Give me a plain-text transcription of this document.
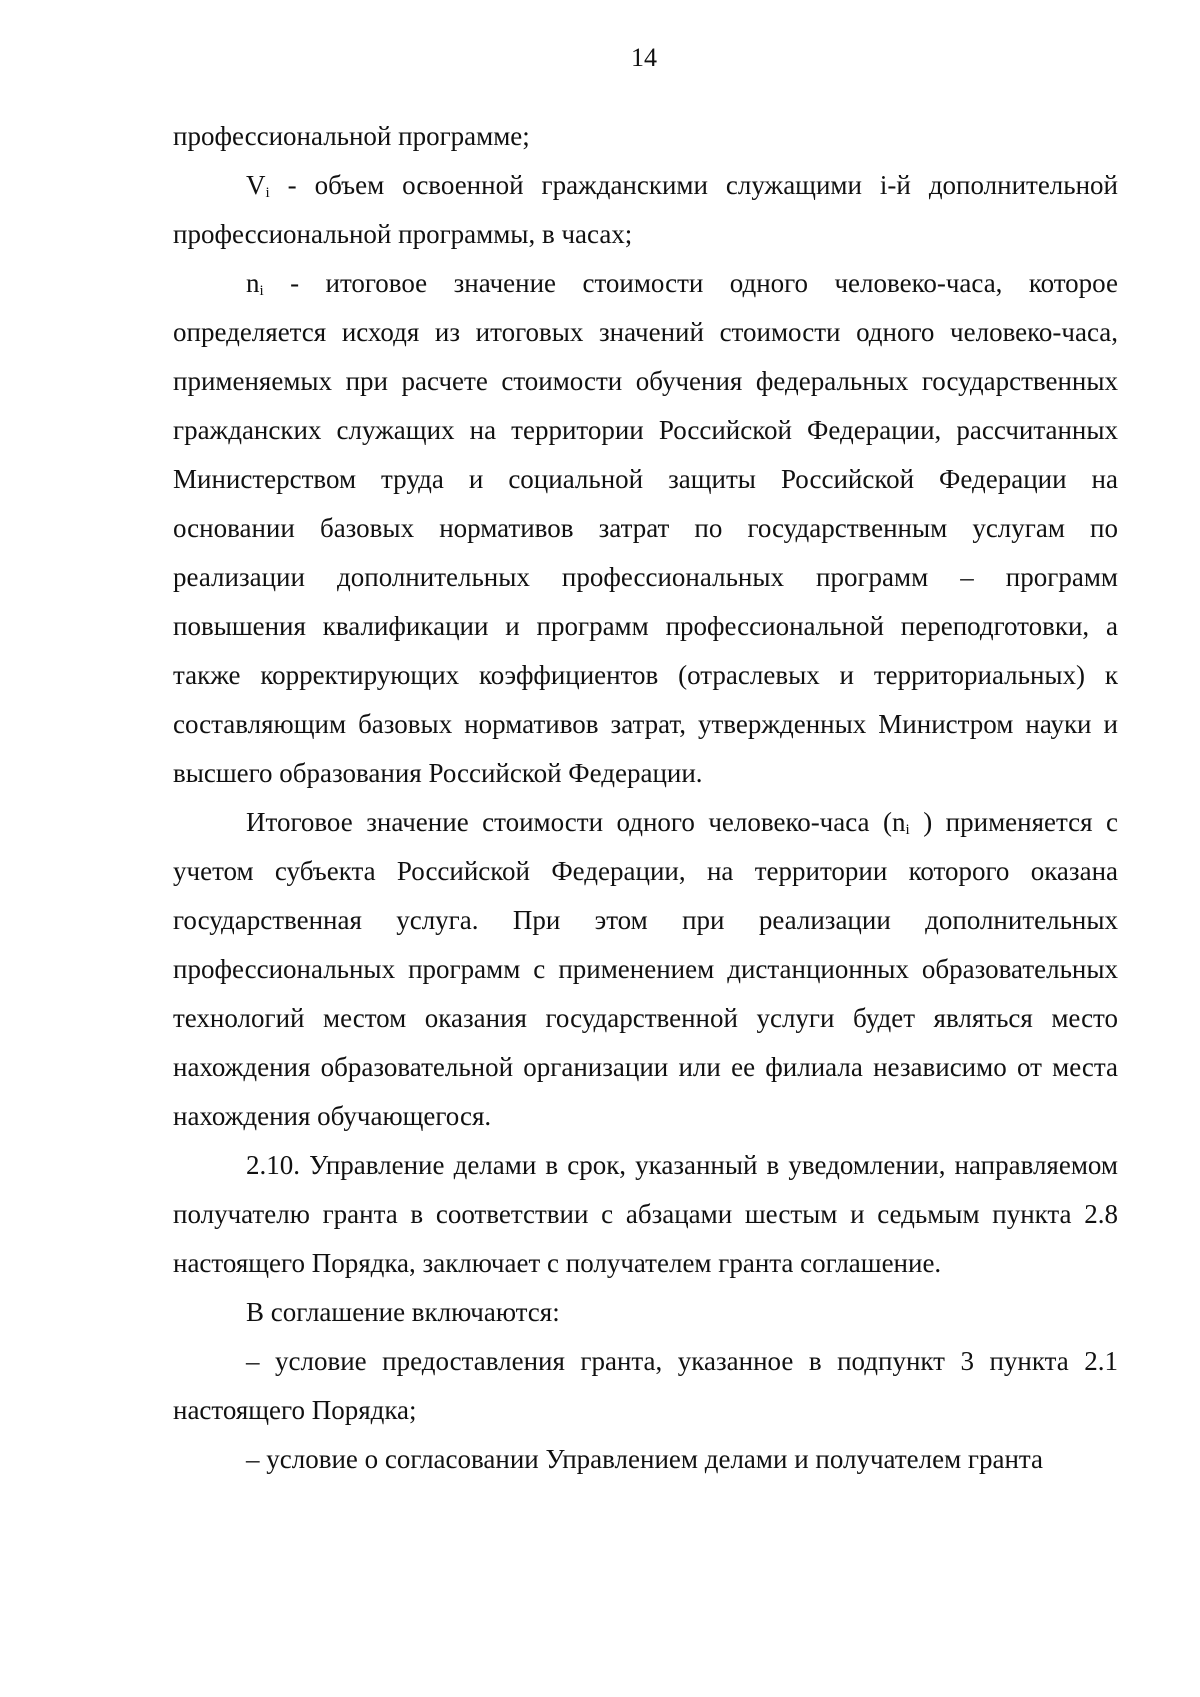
14

профессиональной программе;

$V_i$ - объем освоенной гражданскими служащими i-й дополнительной профессиональной программы, в часах;

$n_i$ - итоговое значение стоимости одного человеко-часа, которое определяется исходя из итоговых значений стоимости одного человеко-часа, применяемых при расчете стоимости обучения федеральных государственных гражданских служащих на территории Российской Федерации, рассчитанных Министерством труда и социальной защиты Российской Федерации на основании базовых нормативов затрат по государственным услугам по реализации дополнительных профессиональных программ – программ повышения квалификации и программ профессиональной переподготовки, а также корректирующих коэффициентов (отраслевых и территориальных) к составляющим базовых нормативов затрат, утвержденных Министром науки и высшего образования Российской Федерации.

Итоговое значение стоимости одного человеко-часа ($n_i$ ) применяется с учетом субъекта Российской Федерации, на территории которого оказана государственная услуга. При этом при реализации дополнительных профессиональных программ с применением дистанционных образовательных технологий местом оказания государственной услуги будет являться место нахождения образовательной организации или ее филиала независимо от места нахождения обучающегося.

2.10. Управление делами в срок, указанный в уведомлении, направляемом получателю гранта в соответствии с абзацами шестым и седьмым пункта 2.8 настоящего Порядка, заключает с получателем гранта соглашение.

В соглашение включаются:

– условие предоставления гранта, указанное в подпункт 3 пункта 2.1 настоящего Порядка;

– условие о согласовании Управлением делами и получателем гранта
